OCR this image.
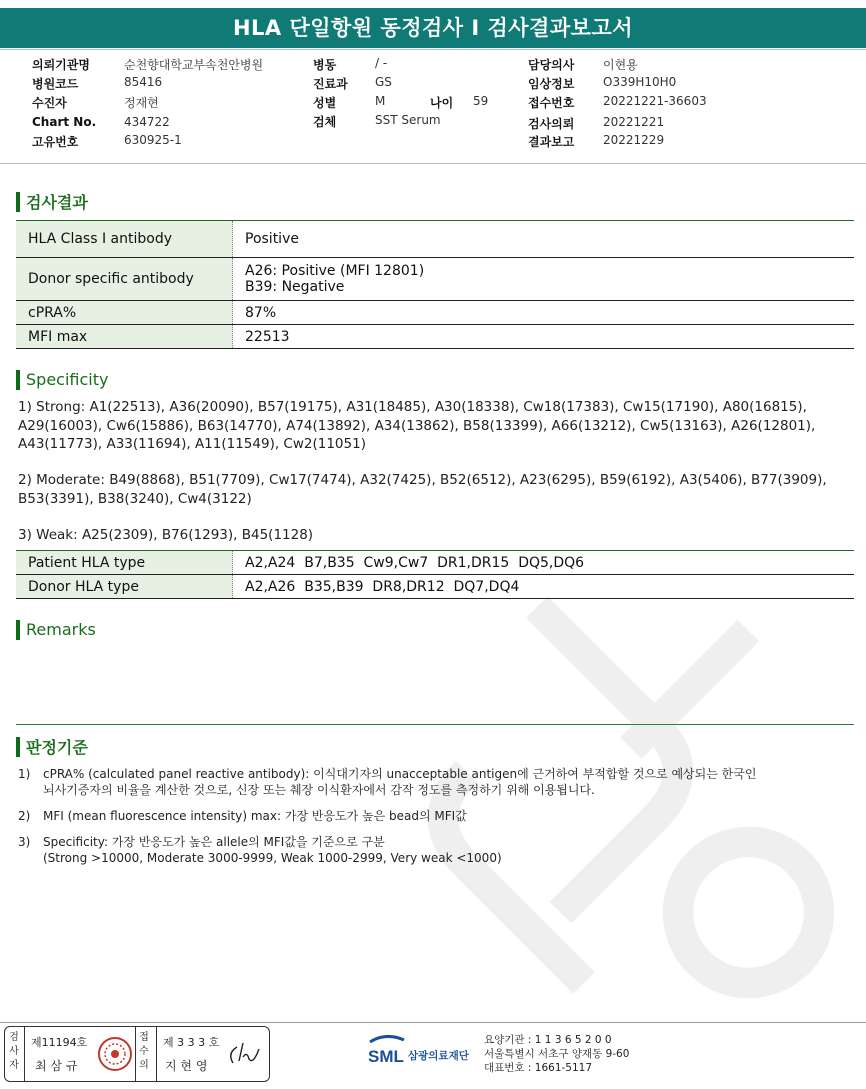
HLA 단일항원 동정검사 I 검사결과보고서
의뢰기관명	순천향대학교부속천안병원
병원코드	85416
수진자	정재현
Chart No. 434722
고유번호	630925-1
병동	/ -
진료과 GS
성별	M	나이 59
검체	SST Serum
담당의사 이현용
임상정보 O339H10H0
접수번호 20221221-36603
검사의뢰 20221221
결과보고 20221229
검사결과
HLA Class I antibody	Positive
Donor specific antibody	A26: Positive (MFI 12801)
B39: Negative

cPRA%	87%
MFI max	22513
Specificity
1) Strong: A1(22513), A36(20090), B57(19175), A31(18485), A30(18338), Cw18(17383), Cw15(17190), A80(16815), A29(16003), Cw6(15886), B63(14770), A74(13892), A34(13862), B58(13399), A66(13212), Cw5(13163), A26(12801), A43(11773), A33(11694), A11(11549), Cw2(11051)
2) Moderate: B49(8868), B51(7709), Cw17(7474), A32(7425), B52(6512), A23(6295), B59(6192), A3(5406), B77(3909), B53(3391), B38(3240), Cw4(3122)
3) Weak: A25(2309), B76(1293), B45(1128)
Patient HLA type	A2,A24  B7,B35  Cw9,Cw7  DR1,DR15  DQ5,DQ6
Donor HLA type	A2,A26  B35,B39  DR8,DR12  DQ7,DQ4
Remarks
판정기준
1) cPRA% (calculated panel reactive antibody): 이식대기자의 unacceptable antigen에 근거하여 부적합할 것으로 예상되는 한국인
뇌사기증자의 비율을 계산한 것으로, 신장 또는 췌장 이식환자에서 감작 정도를 측정하기 위해 이용됩니다.
2) MFI (mean fluorescence intensity) max: 가장 반응도가 높은 bead의 MFI값
3) Specificity: 가장 반응도가 높은 allele의 MFI값을 기준으로 구분
(Strong >10000, Moderate 3000-9999, Weak 1000-2999, Very weak <1000)
검사자
제11194호
최 삼 규
접수의
제 3 3 3 호
지 현 영	SML 삼광의료재단
요양기관 : 1 1 3 6 5 2 0 0
서울특별시 서초구 양재동 9-60
대표번호 : 1661-5117
